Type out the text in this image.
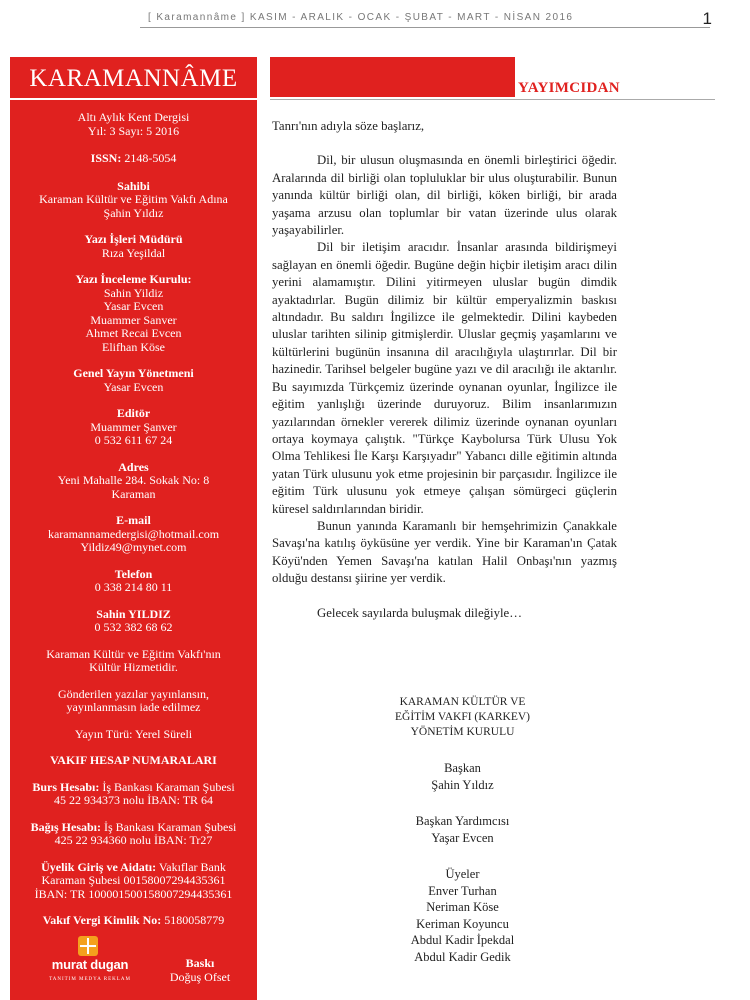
[ Karamannâme ] KASIM - ARALIK - OCAK - ŞUBAT - MART - NİSAN 2016	1
KARAMANNÂME
Altı Aylık Kent Dergisi
Yıl: 3 Sayı: 5 2016
ISSN: 2148-5054
Sahibi
Karaman Kültür ve Eğitim Vakfı Adına
Şahin Yıldız
Yazı İşleri Müdürü
Rıza Yeşildal
Yazı İnceleme Kurulu:
Sahin Yildiz
Yasar Evcen
Muammer Sanver
Ahmet Recai Evcen
Elifhan Köse
Genel Yayın Yönetmeni
Yasar Evcen
Editör
Muammer Şanver
0 532 611 67 24
Adres
Yeni Mahalle 284. Sokak No: 8
Karaman
E-mail
karamannamedergisi@hotmail.com
Yildiz49@mynet.com
Telefon
0 338 214 80 11
Sahin YILDIZ
0 532 382 68 62
Karaman Kültür ve Eğitim Vakfı'nın
Kültür Hizmetidir.
Gönderilen yazılar yayınlansın,
yayınlanmasın iade edilmez
Yayın Türü: Yerel Süreli
VAKIF HESAP NUMARALARI
Burs Hesabı: İş Bankası Karaman Şubesi
45 22 934373 nolu İBAN: TR 64
Bağış Hesabı: İş Bankası Karaman Şubesi
425 22 934360 nolu İBAN: Tr27
Üyelik Giriş ve Aidatı: Vakıflar Bank
Karaman Şubesi 00158007294435361
İBAN: TR 100001500158007294435361
Vakıf Vergi Kimlik No: 5180058779
murat dugan
TANITIM MEDYA REKLAM
Baskı
Doğuş Ofset
YAYIMCIDAN

Tanrı'nın adıyla söze başlarız,

Dil, bir ulusun oluşmasında en önemli birleştirici öğedir. Aralarında dil birliği olan topluluklar bir ulus oluşturabilir. Bunun yanında kültür birliği olan, dil birliği, köken birliği, bir arada yaşama arzusu olan toplumlar bir vatan üzerinde ulus olarak yaşayabilirler.

Dil bir iletişim aracıdır. İnsanlar arasında bildirişmeyi sağlayan en önemli öğedir. Bugüne değin hiçbir iletişim aracı dilin yerini alamamıştır. Dilini yitirmeyen uluslar bugün dimdik ayaktadırlar. Bugün dilimiz bir kültür emperyalizmin baskısı altındadır. Bu saldırı İngilizce ile gelmektedir. Dilini kaybeden uluslar tarihten silinip gitmişlerdir. Uluslar geçmiş yaşamlarını ve kültürlerini bugünün insanına dil aracılığıyla ulaştırırlar. Dil bir hazinedir. Tarihsel belgeler bugüne yazı ve dil aracılığı ile aktarılır. Bu sayımızda Türkçemiz üzerinde oynanan oyunlar, İngilizce ile eğitim yanlışlığı üzerinde duruyoruz. Bilim insanlarımızın yazılarından örnekler vererek dilimiz üzerinde oynanan oyunları ortaya koymaya çalıştık. "Türkçe Kaybolursa Türk Ulusu Yok Olma Tehlikesi İle Karşı Karşıyadır" Yabancı dille eğitimin altında yatan Türk ulusunu yok etme projesinin bir parçasıdır. İngilizce ile eğitim Türk ulusunu yok etmeye çalışan sömürgeci güçlerin küresel saldırılarından biridir.

Bunun yanında Karamanlı bir hemşehrimizin Çanakkale Savaşı'na katılış öyküsüne yer verdik. Yine bir Karaman'ın Çatak Köyü'nden Yemen Savaşı'na katılan Halil Onbaşı'nın yazmış olduğu destansı şiirine yer verdik.

Gelecek sayılarda buluşmak dileğiyle…

KARAMAN KÜLTÜR VE
EĞİTİM VAKFI (KARKEV)
YÖNETİM KURULU
Başkan
Şahin Yıldız
Başkan Yardımcısı
Yaşar Evcen
Üyeler
Enver Turhan
Neriman Köse
Keriman Koyuncu
Abdul Kadir İpekdal
Abdul Kadir Gedik
